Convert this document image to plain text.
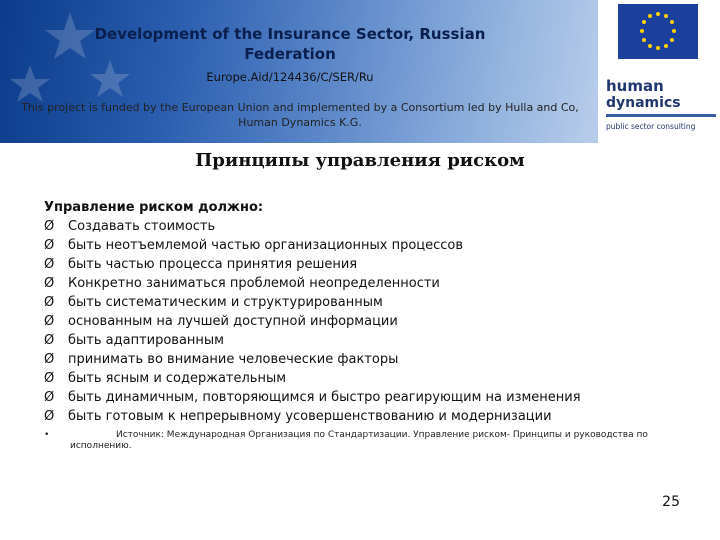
Development of the Insurance Sector, Russian Federation
Europe.Aid/124436/C/SER/Ru
This project is funded by the European Union and implemented by a Consortium led by Hulla and Co, Human Dynamics K.G.
human
dynamics
public sector consulting
Принципы управления риском
Управление риском должно:
Ø	Создавать стоимость
Ø	быть неотъемлемой частью организационных процессов
Ø	быть частью процесса принятия решения
Ø	Конкретно заниматься проблемой неопределенности
Ø	быть систематическим и структурированным
Ø	основанным на лучшей доступной информации
Ø	быть адаптированным
Ø	принимать во внимание человеческие факторы
Ø	быть ясным и содержательным
Ø	быть динамичным, повторяющимся и быстро реагирующим на изменения
Ø	быть готовым к непрерывному усовершенствованию и модернизации
•	Источник: Международная Организация по Стандартизации. Управление риском- Принципы и руководства по исполнению.
25
